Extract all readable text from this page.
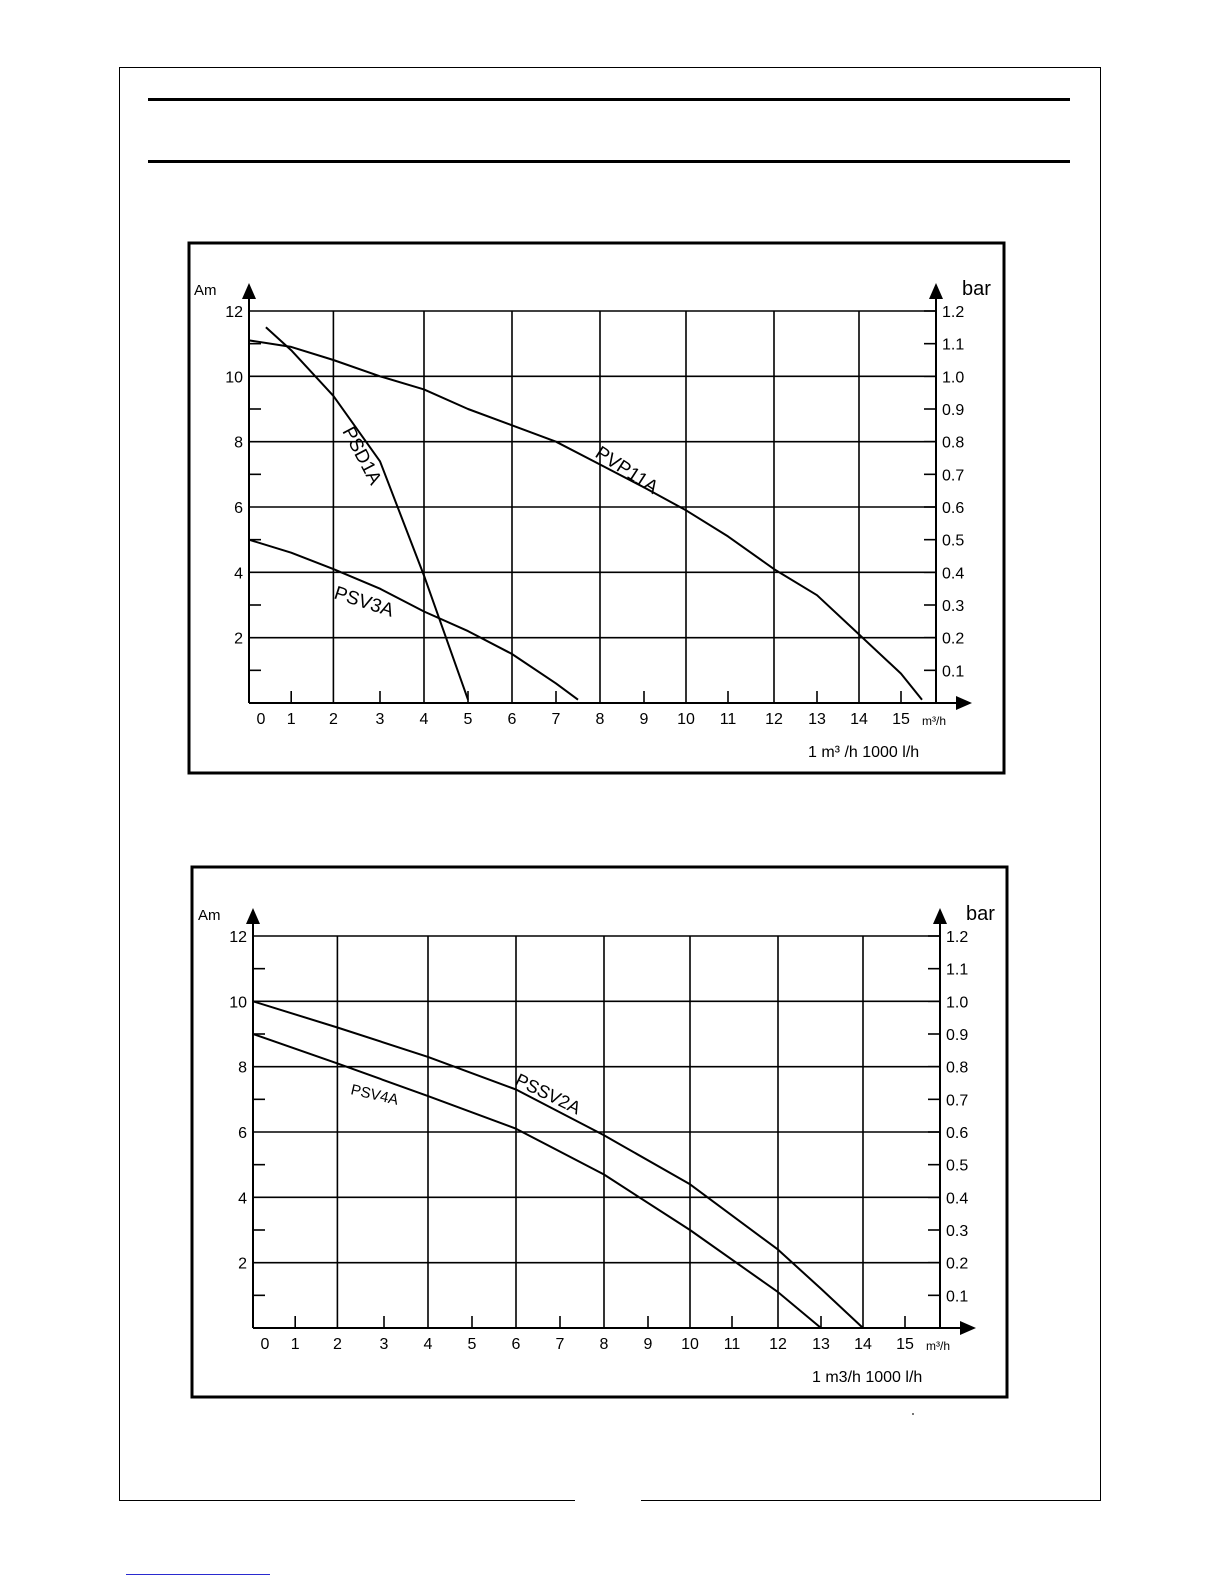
2
4
6
8
10
12
0.1
0.2
0.3
0.4
0.5
0.6
0.7
0.8
0.9
1.0
1.1
1.2
0 1 2 3 4 5 6 7 8 9 10 11 12 13 14 15
Am	bar
m³/h
1 m³ /h 1000 l/h
PVP11A
PSD1A
PSV3A
2
4
6
8
10
12
0.1
0.2
0.3
0.4
0.5
0.6
0.7
0.8
0.9
1.0
1.1
1.2
0 1 2 3 4 5 6 7 8 9 10 11 12 13 14 15
Am	bar
m³/h
1 m3/h 1000 l/h
PSSV2A
PSV4A
